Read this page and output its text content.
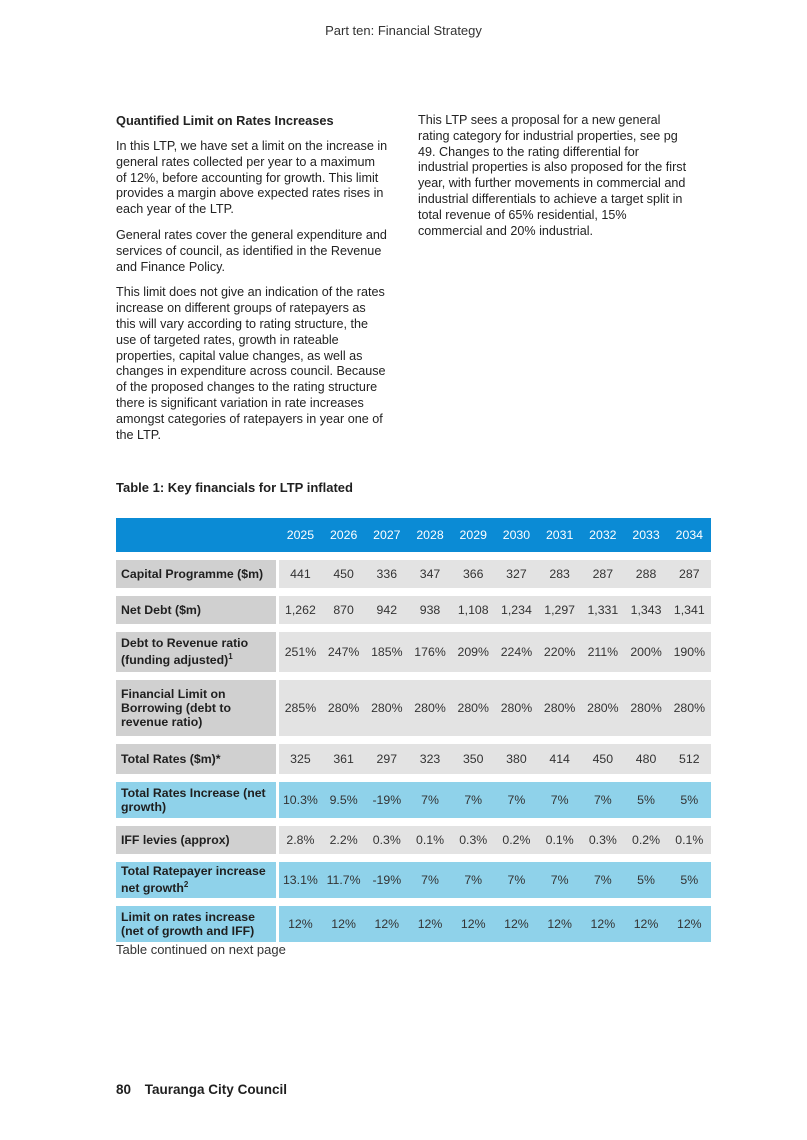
Part ten: Financial Strategy
Quantified Limit on Rates Increases

In this LTP, we have set a limit on the increase in general rates collected per year to a maximum of 12%, before accounting for growth. This limit provides a margin above expected rates rises in each year of the LTP.

General rates cover the general expenditure and services of council, as identified in the Revenue and Finance Policy.

This limit does not give an indication of the rates increase on different groups of ratepayers as this will vary according to rating structure, the use of targeted rates, growth in rateable properties, capital value changes, as well as changes in expenditure across council. Because of the proposed changes to the rating structure there is significant variation in rate increases amongst categories of ratepayers in year one of the LTP.

This LTP sees a proposal for a new general rating category for industrial properties, see pg 49. Changes to the rating differential for industrial properties is also proposed for the first year, with further movements in commercial and industrial differentials to achieve a target split in total revenue of 65% residential, 15% commercial and 20% industrial.

Table 1: Key financials for LTP inflated
	2025	2026	2027	2028	2029	2030	2031	2032	2033	2034

Capital Programme ($m)	441	450	336	347	366	327	283	287	288	287

Net Debt ($m)	1,262	870	942	938	1,108	1,234	1,297	1,331	1,343	1,341

Debt to Revenue ratio (funding adjusted)$^1$	251%	247%	185%	176%	209%	224%	220%	211%	200%	190%

Financial Limit on Borrowing (debt to revenue ratio)	285%	280%	280%	280%	280%	280%	280%	280%	280%	280%

Total Rates ($m)*	325	361	297	323	350	380	414	450	480	512

Total Rates Increase (net growth)	10.3%	9.5%	-19%	7%	7%	7%	7%	7%	5%	5%

IFF levies (approx)	2.8%	2.2%	0.3%	0.1%	0.3%	0.2%	0.1%	0.3%	0.2%	0.1%

Total Ratepayer increase net growth$^2$	13.1%	11.7%	-19%	7%	7%	7%	7%	7%	5%	5%

Limit on rates increase (net of growth and IFF)	12%	12%	12%	12%	12%	12%	12%	12%	12%	12%
Table continued on next page
80 Tauranga City Council
